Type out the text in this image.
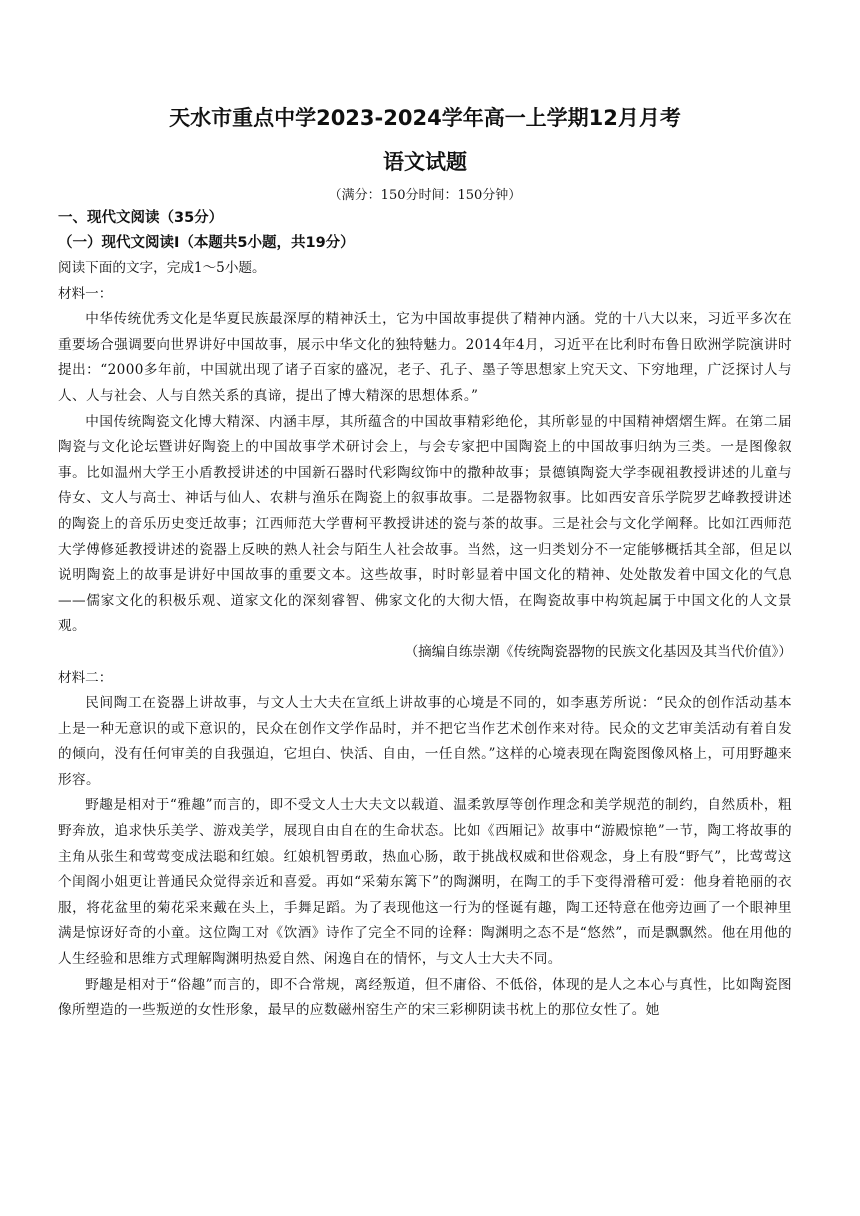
天水市重点中学2023-2024学年高一上学期12月月考
语文试题

（满分：150分时间：150分钟）

一、现代文阅读（35分）

（一）现代文阅读Ⅰ（本题共5小题，共19分）

阅读下面的文字，完成1～5小题。

材料一：

中华传统优秀文化是华夏民族最深厚的精神沃土，它为中国故事提供了精神内涵。党的十八大以来，习近平多次在重要场合强调要向世界讲好中国故事，展示中华文化的独特魅力。2014年4月，习近平在比利时布鲁日欧洲学院演讲时提出：“2000多年前，中国就出现了诸子百家的盛况，老子、孔子、墨子等思想家上究天文、下穷地理，广泛探讨人与人、人与社会、人与自然关系的真谛，提出了博大精深的思想体系。”

中国传统陶瓷文化博大精深、内涵丰厚，其所蕴含的中国故事精彩绝伦，其所彰显的中国精神熠熠生辉。在第二届陶瓷与文化论坛暨讲好陶瓷上的中国故事学术研讨会上，与会专家把中国陶瓷上的中国故事归纳为三类。一是图像叙事。比如温州大学王小盾教授讲述的中国新石器时代彩陶纹饰中的撒种故事；景德镇陶瓷大学李砚祖教授讲述的儿童与侍女、文人与高士、神话与仙人、农耕与渔乐在陶瓷上的叙事故事。二是器物叙事。比如西安音乐学院罗艺峰教授讲述的陶瓷上的音乐历史变迁故事；江西师范大学曹柯平教授讲述的瓷与茶的故事。三是社会与文化学阐释。比如江西师范大学傅修延教授讲述的瓷器上反映的熟人社会与陌生人社会故事。当然，这一归类划分不一定能够概括其全部，但足以说明陶瓷上的故事是讲好中国故事的重要文本。这些故事，时时彰显着中国文化的精神、处处散发着中国文化的气息——儒家文化的积极乐观、道家文化的深刻睿智、佛家文化的大彻大悟，在陶瓷故事中构筑起属于中国文化的人文景观。

（摘编自练崇潮《传统陶瓷器物的民族文化基因及其当代价值》）

材料二：

民间陶工在瓷器上讲故事，与文人士大夫在宣纸上讲故事的心境是不同的，如李惠芳所说：“民众的创作活动基本上是一种无意识的或下意识的，民众在创作文学作品时，并不把它当作艺术创作来对待。民众的文艺审美活动有着自发的倾向，没有任何审美的自我强迫，它坦白、快活、自由，一任自然。”这样的心境表现在陶瓷图像风格上，可用野趣来形容。

野趣是相对于“雅趣”而言的，即不受文人士大夫文以载道、温柔敦厚等创作理念和美学规范的制约，自然质朴，粗野奔放，追求快乐美学、游戏美学，展现自由自在的生命状态。比如《西厢记》故事中“游殿惊艳”一节，陶工将故事的主角从张生和莺莺变成法聪和红娘。红娘机智勇敢，热血心肠，敢于挑战权威和世俗观念，身上有股“野气”，比莺莺这个闺阁小姐更让普通民众觉得亲近和喜爱。再如“采菊东篱下”的陶渊明，在陶工的手下变得滑稽可爱：他身着艳丽的衣服，将花盆里的菊花采来戴在头上，手舞足蹈。为了表现他这一行为的怪诞有趣，陶工还特意在他旁边画了一个眼神里满是惊讶好奇的小童。这位陶工对《饮酒》诗作了完全不同的诠释：陶渊明之态不是“悠然”，而是飘飘然。他在用他的人生经验和思维方式理解陶渊明热爱自然、闲逸自在的情怀，与文人士大夫不同。

野趣是相对于“俗趣”而言的，即不合常规，离经叛道，但不庸俗、不低俗，体现的是人之本心与真性，比如陶瓷图像所塑造的一些叛逆的女性形象，最早的应数磁州窑生产的宋三彩柳阴读书枕上的那位女性了。她
